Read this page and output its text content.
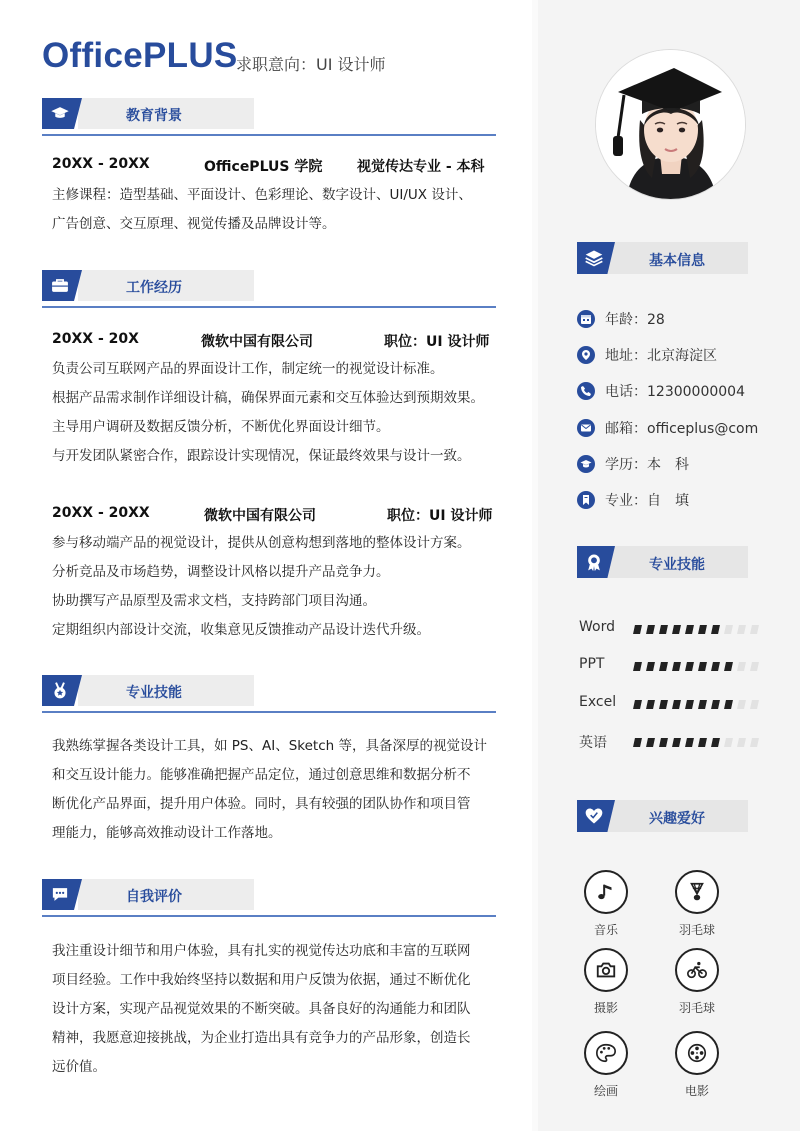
OfficePLUS
求职意向：UI 设计师
教育背景
20XX - 20XX	OfficePLUS 学院 视觉传达专业 - 本科
主修课程：造型基础、平面设计、色彩理论、数字设计、UI/UX 设计、
广告创意、交互原理、视觉传播及品牌设计等。
工作经历
20XX - 20X	微软中国有限公司	职位：UI 设计师
负责公司互联网产品的界面设计工作，制定统一的视觉设计标准。
根据产品需求制作详细设计稿，确保界面元素和交互体验达到预期效果。
主导用户调研及数据反馈分析，不断优化界面设计细节。
与开发团队紧密合作，跟踪设计实现情况，保证最终效果与设计一致。
20XX - 20XX	微软中国有限公司	职位：UI 设计师
参与移动端产品的视觉设计，提供从创意构想到落地的整体设计方案。
分析竞品及市场趋势，调整设计风格以提升产品竞争力。
协助撰写产品原型及需求文档，支持跨部门项目沟通。
定期组织内部设计交流，收集意见反馈推动产品设计迭代升级。
专业技能
我熟练掌握各类设计工具，如 PS、AI、Sketch 等，具备深厚的视觉设计
和交互设计能力。能够准确把握产品定位，通过创意思维和数据分析不
断优化产品界面，提升用户体验。同时，具有较强的团队协作和项目管
理能力，能够高效推动设计工作落地。
自我评价
我注重设计细节和用户体验，具有扎实的视觉传达功底和丰富的互联网
项目经验。工作中我始终坚持以数据和用户反馈为依据，通过不断优化
设计方案，实现产品视觉效果的不断突破。具备良好的沟通能力和团队
精神，我愿意迎接挑战，为企业打造出具有竞争力的产品形象，创造长
远价值。
基本信息
年龄：28
地址：北京海淀区
电话：12300000004
邮箱：officeplus@com
学历：本　科
专业：自　填
专业技能
Word
PPT
Excel
英语
兴趣爱好
音乐	羽毛球
摄影	羽毛球
绘画	电影
